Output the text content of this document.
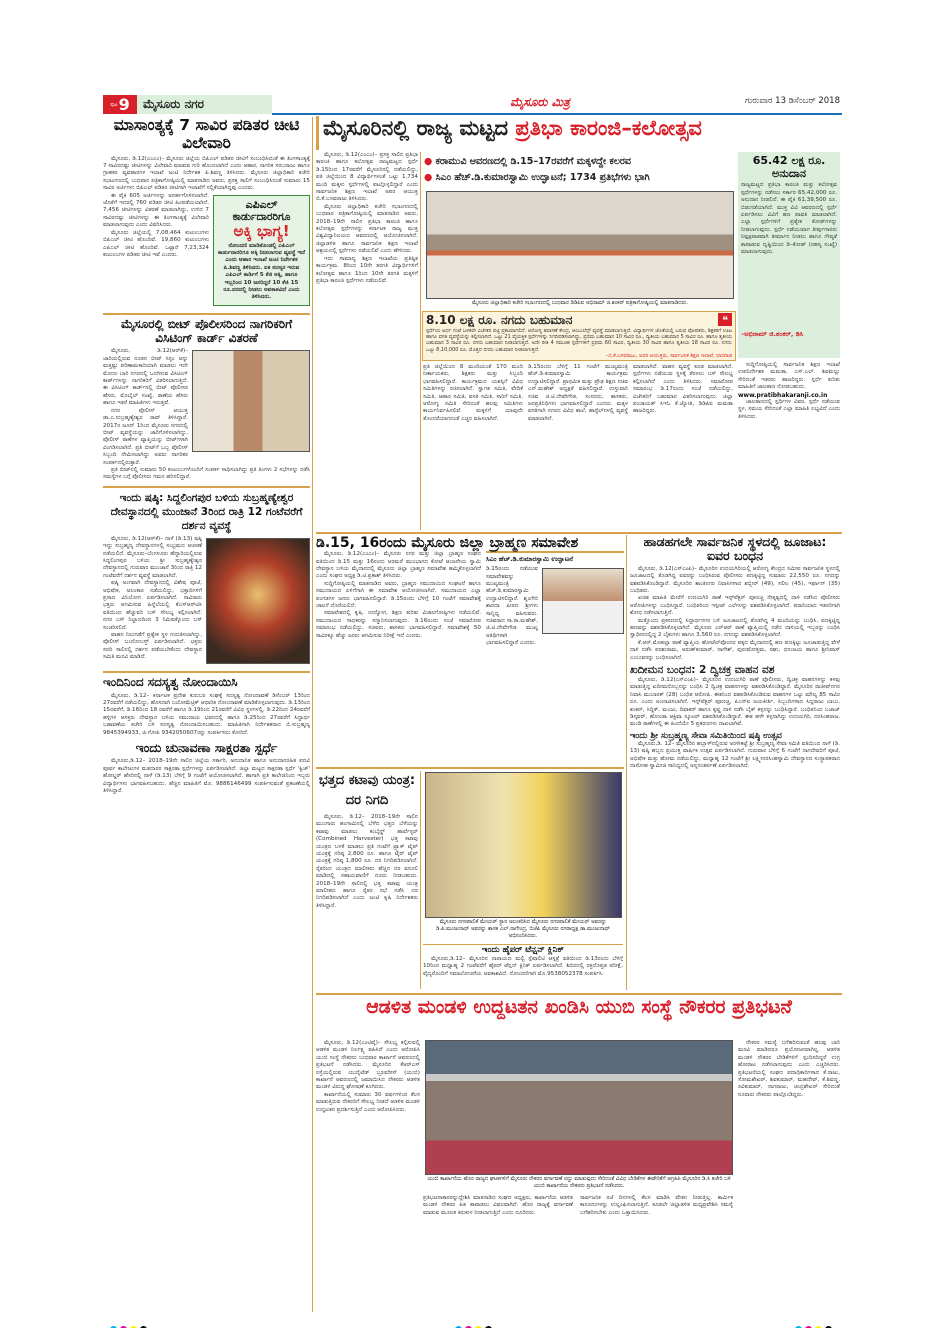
ಪುಟ 9	ಮೈಸೂರು ನಗರ	ಮೈಸೂರು ಮಿತ್ರ	ಗುರುವಾರ 13 ಡಿಸೆಂಬರ್ 2018
ಮಾಸಾಂತ್ಯಕ್ಕೆ 7 ಸಾವಿರ ಪಡಿತರ ಚೀಟಿ ವಿಲೇವಾರಿ

ಮೈಸೂರು, ಡಿ.12(ಎಂಎಂ)– ಮೈಸೂರು ಜಿಲ್ಲೆಯ ಬಿಪಿಎಲ್ ಪಡಿತರ ಚೀಟಿಗೆ ಸಂಬಂಧಿಸಿದಂತೆ ಈ ತಿಂಗಳಾಂತ್ಯಕ್ಕೆ 7 ಸಾವಿರದಷ್ಟು ಚೀಟಿಗಳನ್ನು ವಿಲೇವಾರಿ ಮಾಡುವ ಗುರಿ ಹೊಂದಲಾಗಿದೆ ಎಂದು ಆಹಾರ, ನಾಗರಿಕ ಸರಬರಾಜು ಹಾಗೂ ಗ್ರಾಹಕರ ವ್ಯವಹಾರಗಳ ಇಲಾಖೆ ಜಂಟಿ ನಿರ್ದೇಶಕ ಪಿ.ಶಿವಣ್ಣ ತಿಳಿಸಿದರು. ಮೈಸೂರು ಜಿಲ್ಲಾಧಿಕಾರಿ ಕಚೇರಿ ಸಭಾಂಗಣದಲ್ಲಿ ಬುಧವಾರ ಪತ್ರಿಕಾಗೋಷ್ಠಿಯಲ್ಲಿ ಮಾತನಾಡಿದ ಅವರು, ಪ್ರಸಕ್ತ ಸಾಲಿಗೆ ಸಂಬಂಧಿಸಿದಂತೆ ಸುಮಾರು 15 ಸಾವಿರ ಅರ್ಜಿಗಳು ಬಿಪಿಎಲ್ ಪಡಿತರ ಚೀಟಿಗಾಗಿ ಇಲಾಖೆಗೆ ಸಲ್ಲಿಕೆಯಾಗಿದ್ದವು ಎಂದರು.

ಎಪಿಎಲ್
ಕಾರ್ಡುದಾರರಿಗೂ
ಅಕ್ಕಿ ಭಾಗ್ಯ!
ನೋಂದಣಿ ಮಾಡಿಕೊಂಡಲ್ಲಿ ಎಪಿಎಲ್ ಕಾರ್ಡುದಾರರಿಗೂ ಅಕ್ಕಿ ನೀಡಲಾಗುವ ವ್ಯವಸ್ಥೆ ಇದೆ ಎಂದು ಆಹಾರ ಇಲಾಖೆ ಜಂಟಿ ನಿರ್ದೇಶಕ ಪಿ.ಶಿವಣ್ಣ ತಿಳಿಸಿದರು. ಏಕ ಸದಸ್ಯರ ಇರುವ ಎಪಿಎಲ್ ಕಾರ್ಡಿಗೆ 5 ಕೆಜಿ ಅಕ್ಕಿ, ಹಾಗೂ ಇಬ್ಬರಿಂದ 10 ಜನರಿದ್ದರೆ 10 ಕೆಜಿ 15 ರೂ.ದರದಲ್ಲಿ ನೀಡಲು ಅವಕಾಶವಿದೆ ಎಂದು ತಿಳಿಸಿದರು.

ಈ ಪೈಕಿ 605 ಅರ್ಜಿಗಳನ್ನು ಅನರ್ಹಗೊಳಿಸಲಾಗಿದೆ. ಜೊತೆಗೆ ಇದರಲ್ಲಿ 760 ಪಡಿತರ ಚೀಟಿ ಹಿಂಪಡೆಯಲಾಗಿದೆ. 7,456 ಚೀಟಿಗಳನ್ನು ವಿತರಣೆ ಮಾಡಲಾಗಿದ್ದು, ಉಳಿದ 7 ಸಾವಿರದಷ್ಟು ಚೀಟಿಗಳನ್ನು ಈ ತಿಂಗಳಾಂತ್ಯಕ್ಕೆ ವಿಲೇವಾರಿ ಮಾಡಲಾಗುವುದು ಎಂದು ವಿವರಿಸಿದರು.

ಮೈಸೂರು ಜಿಲ್ಲೆಯಲ್ಲಿ 7,08,464 ಕುಟುಂಬಗಳು ಬಿಪಿಎಲ್ ಚೀಟಿ ಹೊಂದಿವೆ. 19,860 ಕುಟುಂಬಗಳು ಎಪಿಎಲ್ ಚೀಟಿ ಹೊಂದಿವೆ. ಒಟ್ಟಾರೆ 7,23,324 ಕುಟುಂಬಗಳ ಪಡಿತರ ಚೀಟಿ ಇವೆ ಎಂದರು.

ಮೈಸೂರಲ್ಲಿ ಬೀಟ್ ಪೊಲೀಸರಿಂದ ನಾಗರಿಕರಿಗೆ ವಿಸಿಟಿಂಗ್ ಕಾರ್ಡ್ ವಿತರಣೆ

ಮೈಸೂರು, ಡಿ.12(ಆರ್‌ಕೆ)– ಜಾರಿಯಲ್ಲಿರುವ ನೂತನ ಬೀಟ್ ಸಿಸ್ಟಂ ಅನ್ನು ಮತ್ತಷ್ಟು ಪರಿಣಾಮಕಾರಿಯಾಗಿ ಮಾಡಲು ಇದೇ ಮೊದಲ ಬಾರಿ ನಗರದಲ್ಲಿ ಒದಗಿಸುವ ವಿಸಿಟಿಂಗ್ ಕಾರ್ಡ್‌ಗಳನ್ನು ನಾಗರಿಕರಿಗೆ ವಿತರಿಸಲಾಗುತ್ತಿದೆ. ಈ ವಿಸಿಟಿಂಗ್ ಕಾರ್ಡ್‌ನಲ್ಲಿ ಬೀಟ್ ಪೊಲೀಸರ ಹೆಸರು, ಮೊಬೈಲ್ ಸಂಖ್ಯೆ, ಠಾಣೆಯ ಹೆಸರು ಹಾಗೂ ಇತರೆ ಮಾಹಿತಿಗಳು ಇರುತ್ತವೆ.

ನಗರ ಪೊಲೀಸ್ ಆಯುಕ್ತ ಡಾ.ಎ.ಸುಬ್ರಹ್ಮಣ್ಯೇಶ್ವರ ರಾವ್ ತಿಳಿಸಿದ್ದಾರೆ. 2017ರ ಜೂನ್ 1ರಿಂದ ಮೈಸೂರು ನಗರದಲ್ಲಿ ಬೀಟ್ ವ್ಯವಸ್ಥೆಯನ್ನು ಜಾರಿಗೊಳಿಸಲಾಗಿದ್ದು, ಪೊಲೀಸ್ ಠಾಣೆಗಳ ವ್ಯಾಪ್ತಿಯನ್ನು ಬೀಟ್‌ಗಳಾಗಿ ವಿಂಗಡಿಸಲಾಗಿದೆ. ಪ್ರತಿ ಬೀಟ್‌ಗೆ ಒಬ್ಬ ಪೊಲೀಸ್ ಸಿಬ್ಬಂದಿ ನೇಮಿಸಲಾಗಿದ್ದು ಅವರು ನಾಗರಿಕರ ಸಂಪರ್ಕದಲ್ಲಿರುತ್ತಾರೆ.

ಪ್ರತಿ ಬೀಟ್‌ನಲ್ಲಿ ಸುಮಾರು 50 ಕುಟುಂಬಗಳೊಂದಿಗೆ ಸಂಪರ್ಕ ಸಾಧಿಸಲಾಗಿದ್ದು ಪ್ರತಿ ತಿಂಗಳು 2 ಸಭೆಗಳನ್ನು ನಡೆಸಿ ಸಮಸ್ಯೆಗಳ ಬಗ್ಗೆ ಪೊಲೀಸರು ಗಮನ ಹರಿಸಲಿದ್ದಾರೆ.

ಇಂದು ಷಷ್ಠಿ: ಸಿದ್ದಲಿಂಗಪುರ ಬಳಿಯ ಸುಬ್ರಹ್ಮಣ್ಯೇಶ್ವರ ದೇವಸ್ಥಾನದಲ್ಲಿ ಮುಂಜಾನೆ 3ರಿಂದ ರಾತ್ರಿ 12 ಗಂಟೆವರೆಗೆ ದರ್ಶನ ವ್ಯವಸ್ಥೆ

ಮೈಸೂರು, ಡಿ.12(ಆರ್‌ಕೆ)– ನಾಳೆ (ಡಿ.13) ಷಷ್ಠಿ ಇದ್ದು ಸುಬ್ರಹ್ಮಣ್ಯ ದೇವಸ್ಥಾನಗಳಲ್ಲಿ ಸಂಭ್ರಮದ ಆಚರಣೆ ನಡೆಯಲಿದೆ. ಮೈಸೂರು–ಬೆಂಗಳೂರು ಹೆದ್ದಾರಿಯಲ್ಲಿರುವ ಸಿದ್ದಲಿಂಗಪುರ ಬಳಿಯ ಶ್ರೀ ಸುಬ್ರಹ್ಮಣ್ಯೇಶ್ವರ ದೇವಸ್ಥಾನದಲ್ಲಿ ಗುರುವಾರ ಮುಂಜಾನೆ 3ರಿಂದ ರಾತ್ರಿ 12 ಗಂಟೆವರೆಗೆ ದರ್ಶನ ವ್ಯವಸ್ಥೆ ಮಾಡಲಾಗಿದೆ.

ಷಷ್ಠಿ ಅಂಗವಾಗಿ ದೇವಸ್ಥಾನದಲ್ಲಿ ವಿಶೇಷ ಪೂಜೆ, ಅಭಿಷೇಕ, ಅಲಂಕಾರ ನಡೆಯಲಿದ್ದು, ಭಕ್ತಾದಿಗಳಿಗೆ ಪ್ರಸಾದ ವಿನಿಯೋಗ ಏರ್ಪಡಿಸಲಾಗಿದೆ. ಸಾವಿರಾರು ಭಕ್ತರು ಆಗಮಿಸುವ ಹಿನ್ನೆಲೆಯಲ್ಲಿ ಕೆಎಸ್‌ಆರ್‌ಟಿಸಿ ವತಿಯಿಂದ ಹೆಚ್ಚುವರಿ ಬಸ್ ಸೌಲಭ್ಯ ಕಲ್ಪಿಸಲಾಗಿದೆ. ನಗರ ಬಸ್ ನಿಲ್ದಾಣದಿಂದ 3 ನಿಮಿಷಕ್ಕೊಂದು ಬಸ್ ಸಂಚರಿಸಲಿದೆ.

ವಾಹನ ನಿಲುಗಡೆಗೆ ಪ್ರತ್ಯೇಕ ಸ್ಥಳ ಗುರುತಿಸಲಾಗಿದ್ದು, ಪೊಲೀಸ್ ಬಂದೋಬಸ್ತ್ ಏರ್ಪಡಿಸಲಾಗಿದೆ. ಭಕ್ತರು ಸರದಿ ಸಾಲಿನಲ್ಲಿ ದರ್ಶನ ಪಡೆಯಬೇಕೆಂದು ದೇವಸ್ಥಾನ ಸಮಿತಿ ಮನವಿ ಮಾಡಿದೆ.

ಇಂದಿನಿಂದ ಸದಸ್ಯತ್ವ ನೋಂದಾಯಿಸಿ

ಮೈಸೂರು, ಡಿ.12– ಕರ್ನಾಟಕ ಪ್ರದೇಶ ಕುರುಬರ ಸಂಘಕ್ಕೆ ಸದಸ್ಯತ್ವ ನೋಂದಾವಣೆ ಡಿಸೆಂಬರ್ 13ರಿಂದ 27ರವರೆಗೆ ನಡೆಯಲಿದ್ದು, ಹೊಸದಾಗಿ ಬಯೋಮೆಟ್ರಿಕ್ ಆಧಾರಿತ ನೋಂದಾವಣೆ ಮಾಡಿಕೊಳ್ಳಲಾಗುವುದು. ಡಿ.13ರಿಂದ 15ರವರೆಗೆ, ಡಿ.16ರಿಂದ 18 ರವರೆಗೆ ಹಾಗೂ ಡಿ.19ರಿಂದ 21ರವರೆಗೆ ವಿವಿಧ ಸ್ಥಳಗಳಲ್ಲಿ, ಡಿ.22ರಿಂದ 24ರವರೆಗೆ ಹಳ್ಳಿಗಳ ಆಸಕ್ತರು ದೇವಸ್ಥಾನ ಬಳಿಯ ಸಮುದಾಯ ಭವನದಲ್ಲಿ ಹಾಗೂ ಡಿ.25ರಿಂದ 27ರವರೆಗೆ ಸಿದ್ದಾರ್ಥ ಬಡಾವಣೆಯ ಕಚೇರಿ ಬಳಿ ಸದಸ್ಯತ್ವ ನೋಂದಾಯಿಸಬಹುದು. ಮಾಹಿತಿಗಾಗಿ ನಿರ್ದೇಶಕರಾದ ಬಿ.ಸುಬ್ರಹ್ಮಣ್ಯ 9845394933, ಜಿ.ಗೋಪಿ 9342050607ರನ್ನು ಸಂಪರ್ಕಿಸಲು ಕೋರಿದೆ.

ಇಂದು ಚುನಾವಣಾ ಸಾಕ್ಷರತಾ ಸ್ಪರ್ಧೆ

ಮೈಸೂರು,ಡಿ.12– 2018–19ನೇ ಸಾಲಿನ ಜಿಲ್ಲೆಯ ಸರ್ಕಾರಿ, ಅನುದಾನಿತ ಹಾಗೂ ಅನುದಾನರಹಿತ ಪದವಿ ಪೂರ್ವ ಕಾಲೇಜುಗಳ ಮತದಾರರ ಸಾಕ್ಷರತಾ ಸ್ಪರ್ಧೆಗಳನ್ನು ಏರ್ಪಡಿಸಲಾಗಿದೆ. ಜಿಲ್ಲಾ ಮಟ್ಟದ ಸಾಕ್ಷರತಾ ಸ್ಪರ್ಧೆ 'ಕ್ವಿಜ್' ಹೋಲ್ಡರ್ ಹೆಸರಿನಲ್ಲಿ ನಾಳೆ (ಡಿ.13) ಬೆಳಿಗ್ಗೆ 9 ಗಂಟೆಗೆ ಆಯೋಜಿಸಲಾಗಿದೆ. ಹಾಗಾಗಿ ಪ್ರತಿ ಕಾಲೇಜಿನಿಂದ ಇಬ್ಬರು ವಿದ್ಯಾರ್ಥಿಗಳು ಭಾಗವಹಿಸಬಹುದು. ಹೆಚ್ಚಿನ ಮಾಹಿತಿಗೆ ಮೊ. 9886146499 ಸಂಪರ್ಕಿಸುವಂತೆ ಪ್ರಕಟಣೆಯಲ್ಲಿ ತಿಳಿಸಿದ್ದಾರೆ.

ಮೈಸೂರಿನಲ್ಲಿ ರಾಜ್ಯ ಮಟ್ಟದ ಪ್ರತಿಭಾ ಕಾರಂಜಿ–ಕಲೋತ್ಸವ

ಮೈಸೂರು, ಡಿ.12(ಎಂಎಂ)– ಪ್ರಸಕ್ತ ಸಾಲಿನ ಪ್ರತಿಭಾ ಕಾರಂಜಿ ಹಾಗೂ ಕಲೋತ್ಸವ ರಾಜ್ಯಮಟ್ಟದ ಸ್ಪರ್ಧೆ ಡಿ.15ರಿಂದ 17ರವರೆಗೆ ಮೈಸೂರಿನಲ್ಲಿ ನಡೆಯಲಿದ್ದು, ಪತಿ ಜಿಲ್ಲೆಯಿಂದ 8 ವಿದ್ಯಾರ್ಥಿಗಳಂತೆ ಒಟ್ಟು 1,734 ಮಂದಿ ಮಕ್ಕಳು ಸ್ಪರ್ಧೆಗಳಲ್ಲಿ ಪಾಲ್ಗೊಳ್ಳಲಿದ್ದಾರೆ ಎಂದು ಸಾರ್ವಜನಿಕ ಶಿಕ್ಷಣ ಇಲಾಖೆ ಅಪರ ಆಯುಕ್ತ ಬಿ.ಕೆ.ಬಸವರಾಜು ತಿಳಿಸಿದರು.

ಮೈಸೂರು ಜಿಲ್ಲಾಧಿಕಾರಿ ಕಚೇರಿ ಸಭಾಂಗಣದಲ್ಲಿ ಬುಧವಾರ ಪತ್ರಿಕಾಗೋಷ್ಠಿಯಲ್ಲಿ ಮಾತನಾಡಿದ ಅವರು, 2018–19ನೇ ಸಾಲಿನ ಪ್ರತಿಭಾ ಕಾರಂಜಿ ಹಾಗೂ ಕಲೋತ್ಸವ ಸ್ಪರ್ಧೆಗಳನ್ನು ಕರ್ನಾಟಕ ರಾಜ್ಯ ಮುಕ್ತ ವಿಶ್ವವಿದ್ಯಾನಿಲಯದ ಆವರಣದಲ್ಲಿ ಆಯೋಜಿಸಲಾಗಿದೆ. ಜಿಲ್ಲಾಡಳಿತ ಹಾಗೂ ಸಾರ್ವಜನಿಕ ಶಿಕ್ಷಣ ಇಲಾಖೆ ಆಶ್ರಯದಲ್ಲಿ ಸ್ಪರ್ಧೆಗಳು ನಡೆಯಲಿವೆ ಎಂದು ಹೇಳಿದರು.

ಇದು ಸಾಮಾನ್ಯ ಶಿಕ್ಷಣ ಇಲಾಖೆಯ ಪ್ರತಿಷ್ಠಿತ ಕಾರ್ಯಕ್ರಮ. 8ರಿಂದ 10ನೇ ತರಗತಿ ವಿದ್ಯಾರ್ಥಿಗಳಿಗೆ ಕಲೋತ್ಸವ ಹಾಗೂ 1ರಿಂದ 10ನೇ ತರಗತಿ ಮಕ್ಕಳಿಗೆ ಪ್ರತಿಭಾ ಕಾರಂಜಿ ಸ್ಪರ್ಧೆಗಳು ನಡೆಯಲಿವೆ.

● ಕರಾಮುವಿ ಆವರಣದಲ್ಲಿ ಡಿ.15–17ರವರೆಗೆ ಮಕ್ಕಳದ್ದೇ ಕಲರವ
● ಸಿಎಂ ಹೆಚ್.ಡಿ.ಕುಮಾರಸ್ವಾಮಿ ಉದ್ಘಾಟನೆ; 1734 ಪ್ರತಿಭೆಗಳು ಭಾಗಿ
ಮೈಸೂರು ಜಿಲ್ಲಾಧಿಕಾರಿ ಕಚೇರಿ ಸಭಾಂಗಣದಲ್ಲಿ ಬುಧವಾರ ಡಿಡಿಪಿಐ ಅಭಿರಾಮ್ ಜಿ.ಶಂಕರ್ ಪತ್ರಿಕಾಗೋಷ್ಠಿಯಲ್ಲಿ ಮಾತನಾಡಿದರು.
8.10 ಲಕ್ಷ ರೂ. ನಗದು ಬಹುಮಾನ	❝
ಸ್ಪರ್ಧೆಯ ಅರ್ಧ ಗಂಟೆ ಬಳಿಕವೇ ವಿಜೇತರ ಪಟ್ಟಿ ಪ್ರಕಟವಾಗಲಿದೆ. ಆರೋಗ್ಯ ತಪಾಸಣೆ ಕೇಂದ್ರ, ಆಂಬುಲೆನ್ಸ್ ವ್ಯವಸ್ಥೆ ಮಾಡಲಾಗುತ್ತಿದೆ. ವಿದ್ಯಾರ್ಥಿಗಳ ಜೊತೆಯಲ್ಲಿ ಬರುವ ಪೋಷಕರು, ಶಿಕ್ಷಕರಿಗೆ ಊಟ ಹಾಗೂ ವಸತಿ ವ್ಯವಸ್ಥೆಯನ್ನು ಕಲ್ಪಿಸಲಾಗಿದೆ. ಒಟ್ಟು 21 ವೈಯಕ್ತಿಕ ಸ್ಪರ್ಧೆಗಳನ್ನು ನಿಗದಿಪಡಿಸಲಾಗಿದ್ದು, ಪ್ರಥಮ ಬಹುಮಾನ 10 ಸಾವಿರ ರೂ., ದ್ವಿತೀಯ ಬಹುಮಾನ 5 ಸಾವಿರ ರೂ. ಹಾಗೂ ತೃತೀಯ ಬಹುಮಾನ 3 ಸಾವಿರ ರೂ. ನಗದು ಬಹುಮಾನ ನೀಡಲಾಗುತ್ತದೆ. ಅದೇ ರೀತಿ 4 ಸಮೂಹ ಸ್ಪರ್ಧೆಗಳಿಗೆ ಪ್ರಥಮ 60 ಸಾವಿರ, ದ್ವಿತೀಯ 30 ಸಾವಿರ ಹಾಗೂ ತೃತೀಯ 18 ಸಾವಿರ ರೂ. ನಗದು ಒಟ್ಟು 8,10,000 ರೂ. ಮೊತ್ತದ ನಗದು ಬಹುಮಾನ ನೀಡಲಾಗುತ್ತದೆ.
–ಬಿ.ಕೆ.ಬಸವರಾಜು, ಅಪರ ಆಯುಕ್ತರು, ಸಾರ್ವಜನಿಕ ಶಿಕ್ಷಣ ಇಲಾಖೆ, ಧಾರವಾಡ
ಪ್ರತಿ ಜಿಲ್ಲೆಯಿಂದ 8 ಮಂದಿಯಂತೆ 170 ಮಂದಿ ನಿರ್ಣಾಯಕರು, ಶಿಕ್ಷಕರು ಮತ್ತು ಸಿಬ್ಬಂದಿ ಭಾಗವಹಿಸಲಿದ್ದಾರೆ. ಕಾರ್ಯಕ್ರಮದ ಯಶಸ್ಸಿಗೆ ವಿವಿಧ ಸಮಿತಿಗಳನ್ನು ರಚಿಸಲಾಗಿದೆ. ಸ್ವಾಗತ ಸಮಿತಿ, ವೇದಿಕೆ ಸಮಿತಿ, ಆಹಾರ ಸಮಿತಿ, ವಸತಿ ಸಮಿತಿ, ಸಾರಿಗೆ ಸಮಿತಿ, ಆರೋಗ್ಯ ಸಮಿತಿ ಸೇರಿದಂತೆ ಹಲವು ಸಮಿತಿಗಳು ಕಾರ್ಯನಿರ್ವಹಿಸಲಿವೆ. ಮಕ್ಕಳಿಗೆ ಯಾವುದೇ ತೊಂದರೆಯಾಗದಂತೆ ಎಚ್ಚರ ವಹಿಸಲಾಗಿದೆ.
ಡಿ.15ರಂದು ಬೆಳಿಗ್ಗೆ 11 ಗಂಟೆಗೆ ಮುಖ್ಯಮಂತ್ರಿ ಹೆಚ್.ಡಿ.ಕುಮಾರಸ್ವಾಮಿ ಕಾರ್ಯಕ್ರಮ ಉದ್ಘಾಟಿಸಲಿದ್ದಾರೆ. ಪ್ರಾಥಮಿಕ ಮತ್ತು ಪ್ರೌಢ ಶಿಕ್ಷಣ ಸಚಿವ ಎನ್.ಮಹೇಶ್ ಅಧ್ಯಕ್ಷತೆ ವಹಿಸಲಿದ್ದಾರೆ. ಉಸ್ತುವಾರಿ ಸಚಿವ ಜಿ.ಟಿ.ದೇವೇಗೌಡ, ಸಂಸದರು, ಶಾಸಕರು, ಜನಪ್ರತಿನಿಧಿಗಳು ಭಾಗವಹಿಸಲಿದ್ದಾರೆ ಎಂದರು. ಮಕ್ಕಳ ವಸತಿಗಾಗಿ ನಗರದ ವಿವಿಧ ಶಾಲೆ, ಹಾಸ್ಟೆಲ್‌ಗಳಲ್ಲಿ ವ್ಯವಸ್ಥೆ ಮಾಡಲಾಗಿದೆ.
ಮಾಡಲಾಗಿದೆ. ವಾಹನ ವ್ಯವಸ್ಥೆ ಕೂಡ ಮಾಡಲಾಗಿದೆ. ಸ್ಪರ್ಧೆಗಳು ನಡೆಯುವ ಸ್ಥಳಕ್ಕೆ ತೆರಳಲು ಬಸ್ ಸೌಲಭ್ಯ ಕಲ್ಪಿಸಲಾಗಿದೆ ಎಂದು ತಿಳಿಸಿದರು. ಸಮಾರೋಪ ಸಮಾರಂಭ ಡಿ.17ರಂದು ಸಂಜೆ ನಡೆಯಲಿದ್ದು, ವಿಜೇತರಿಗೆ ಬಹುಮಾನ ವಿತರಿಸಲಾಗುವುದು. ಜಿಲ್ಲಾ ಪಂಚಾಯತ್ ಸಿಇಓ ಕೆ.ಜ್ಯೋತಿ, ಡಿಡಿಪಿಐ ಮಮತಾ ಹಾಜರಿದ್ದರು.
65.42 ಲಕ್ಷ ರೂ. ಅನುದಾನ
ರಾಜ್ಯಮಟ್ಟದ ಪ್ರತಿಭಾ ಕಾರಂಜಿ ಮತ್ತು ಕಲೋತ್ಸವ ಸ್ಪರ್ಧೆಗಳನ್ನು ನಡೆಸಲು ಸರ್ಕಾರ 65,42,000 ರೂ. ಅನುದಾನ ನೀಡಲಿದೆ. ಈ ಪೈಕಿ 61,39,500 ರೂ. ಬಿಡುಗಡೆಯಾಗಿದೆ. ಮುಕ್ತ ವಿವಿ ಆವರಣದಲ್ಲಿ ಸ್ಪರ್ಧೆ ಏರ್ಪಡಿಸಲು ವಿವಿಗೆ ಹಣ ಪಾವತಿ ಮಾಡಲಾಗಿದೆ. ಎಲ್ಲಾ ಸ್ಪರ್ಧೆಗಳಿಗೆ ಪ್ರತ್ಯೇಕ ಕೋಡ್‌ಗಳನ್ನು ನೀಡಲಾಗುವುದು. ಸ್ಪರ್ಧೆ ನಡೆಯುವಾಗ ತೀರ್ಪುಗಾರರು ನಿಷ್ಪಕ್ಷಪಾತವಾಗಿ ತೀರ್ಮಾನ ನೀಡಲು ಹಾಗೂ ಗೌಪ್ಯತೆ ಕಾಪಾಡುವ ದೃಷ್ಟಿಯಿಂದ ಡಿ–ಕೋಡ್ (ರಹಸ್ಯ ಸಂಖ್ಯೆ) ಮಾಡಲಾಗುವುದು.
–ಅಭಿರಾಮ್ ಜಿ.ಶಂಕರ್, ಡಿಸಿ

ಸುದ್ದಿಗೋಷ್ಠಿಯಲ್ಲಿ ಸಾರ್ವಜನಿಕ ಶಿಕ್ಷಣ ಇಲಾಖೆ ಉಪನಿರ್ದೇಶಕ ಮಮತಾ, ಎಸ್.ಎಲ್. ಶಿವಮಲ್ಲು ಸೇರಿದಂತೆ ಇತರರು ಹಾಜರಿದ್ದರು. ಸ್ಪರ್ಧೆ ಕುರಿತು ಮಾಹಿತಿಗೆ ಜಾಲತಾಣ ನೋಡಬಹುದು.

www.pratibhakaranji.co.in

ಜಾಲತಾಣದಲ್ಲಿ ಸ್ಪರ್ಧಿಗಳ ವಿವರ, ಸ್ಪರ್ಧೆ ನಡೆಯುವ ಸ್ಥಳ, ಸಮಯ ಸೇರಿದಂತೆ ಎಲ್ಲಾ ಮಾಹಿತಿ ಲಭ್ಯವಿದೆ ಎಂದು ತಿಳಿಸಿದರು.

ಡಿ.15, 16ರಂದು ಮೈಸೂರು ಜಿಲ್ಲಾ ಬ್ರಾಹ್ಮಣ ಸಮಾವೇಶ

ಮೈಸೂರು, ಡಿ.12(ಎಂಎಂ)– ಮೈಸೂರು ನಗರ ಮತ್ತು ಜಿಲ್ಲಾ ಬ್ರಾಹ್ಮಣ ಸಂಘದ ವತಿಯಿಂದ ಡಿ.15 ಮತ್ತು 16ರಂದು ಅರಮನೆ ಮುಂಭಾಗದ ಕೋಟೆ ಆಂಜನೇಯ ಸ್ವಾಮಿ ದೇವಸ್ಥಾನ ಬಳಿಯ ಮೈದಾನದಲ್ಲಿ ಮೈಸೂರು ಜಿಲ್ಲಾ ಬ್ರಾಹ್ಮಣ ಸಮಾವೇಶ ಹಮ್ಮಿಕೊಳ್ಳಲಾಗಿದೆ ಎಂದು ಸಂಘದ ಅಧ್ಯಕ್ಷ ಡಿ.ಟಿ.ಪ್ರಕಾಶ್ ತಿಳಿಸಿದರು.

ಸುದ್ದಿಗೋಷ್ಠಿಯಲ್ಲಿ ಮಾತನಾಡಿದ ಅವರು, ಬ್ರಾಹ್ಮಣ ಸಮುದಾಯದ ಸಂಘಟನೆ ಹಾಗೂ ಸಮುದಾಯದ ಏಳಿಗೆಗಾಗಿ ಈ ಸಮಾವೇಶ ಆಯೋಜಿಸಲಾಗಿದೆ. ಸಮುದಾಯದ ಎಲ್ಲಾ ಪಂಗಡಗಳ ಜನರು ಭಾಗವಹಿಸಲಿದ್ದಾರೆ. ಡಿ.15ರಂದು ಬೆಳಿಗ್ಗೆ 10 ಗಂಟೆಗೆ ಸಮಾವೇಶಕ್ಕೆ ಚಾಲನೆ ದೊರೆಯಲಿದೆ.

ಸಮಾವೇಶದಲ್ಲಿ ಕೃಷಿ, ಉದ್ಯೋಗ, ಶಿಕ್ಷಣ ಕುರಿತು ವಿಚಾರಗೋಷ್ಠಿಗಳು ನಡೆಯಲಿವೆ. ಸಮುದಾಯದ ಸಾಧಕರನ್ನು ಸನ್ಮಾನಿಸಲಾಗುವುದು. ಡಿ.16ರಂದು ಸಂಜೆ ಸಮಾರೋಪ ಸಮಾರಂಭ ನಡೆಯಲಿದ್ದು, ಸಚಿವರು, ಶಾಸಕರು ಭಾಗವಹಿಸಲಿದ್ದಾರೆ. ಸಮಾವೇಶಕ್ಕೆ 50 ಸಾವಿರಕ್ಕೂ ಹೆಚ್ಚು ಜನರು ಆಗಮಿಸುವ ನಿರೀಕ್ಷೆ ಇದೆ ಎಂದರು.

ಸಿಎಂ ಹೆಚ್.ಡಿ.ಕುಮಾರಸ್ವಾಮಿ ಉದ್ಘಾಟನೆ
ಡಿ.15ರಂದು ನಡೆಯುವ ಸಮಾವೇಶವನ್ನು ಮುಖ್ಯಮಂತ್ರಿ ಹೆಚ್.ಡಿ.ಕುಮಾರಸ್ವಾಮಿ ಉದ್ಘಾಟಿಸಲಿದ್ದಾರೆ. ಶೃಂಗೇರಿ ಶಾರದಾ ಪೀಠದ ಶ್ರೀಗಳು ಸಾನ್ನಿಧ್ಯ ವಹಿಸುವರು. ಸಚಿವರಾದ ಸಾ.ರಾ.ಮಹೇಶ್, ಜಿ.ಟಿ.ದೇವೇಗೌಡ ಮುಖ್ಯ ಅತಿಥಿಗಳಾಗಿ ಭಾಗವಹಿಸಲಿದ್ದಾರೆ ಎಂದರು.
ಹಾಡಹಗಲೇ ಸಾರ್ವಜನಿಕ ಸ್ಥಳದಲ್ಲಿ ಜೂಜಾಟ: ಐವರ ಬಂಧನ

ಮೈಸೂರು, ಡಿ.12(ಎಸ್‌ಎಂಪಿ)– ಮೈಸೂರಿನ ಉದಯಗಿರಿಯಲ್ಲಿ ಆರೋಗ್ಯ ಕೇಂದ್ರದ ಸಮೀಪ ಸಾರ್ವಜನಿಕ ಸ್ಥಳದಲ್ಲಿ ಜೂಜಾಟದಲ್ಲಿ ತೊಡಗಿದ್ದ ಐವರನ್ನು ಬಂಧಿಸಿರುವ ಪೊಲೀಸರು ಪಣಕ್ಕಿಟ್ಟಿದ್ದ ಸುಮಾರು 22,550 ರೂ. ನಗದನ್ನು ವಶಪಡಿಸಿಕೊಂಡಿದ್ದಾರೆ. ಮೈಸೂರಿನ ಶಾಂತಿನಗರ ನಿವಾಸಿಗಳಾದ ಶಬ್ಬೀರ್ (49), ಸಲೀಂ (45), ಇರ್ಫಾನ್ (35) ಬಂಧಿತರು.

ಖಚಿತ ಮಾಹಿತಿ ಮೇರೆಗೆ ಉದಯಗಿರಿ ಠಾಣೆ ಇನ್ಸ್‌ಪೆಕ್ಟರ್ ಪೂಣಚ್ಚ ನೇತೃತ್ವದಲ್ಲಿ ದಾಳಿ ನಡೆಸಿದ ಪೊಲೀಸರು ಆರೋಪಿಗಳನ್ನು ಬಂಧಿಸಿದ್ದಾರೆ. ಬಂಧಿತರಿಂದ ಇಸ್ಪೀಟ್ ಎಲೆಗಳನ್ನು ವಶಪಡಿಸಿಕೊಳ್ಳಲಾಗಿದೆ. ಪರಾರಿಯಾದ ಇತರರಿಗಾಗಿ ಶೋಧ ನಡೆಸಲಾಗುತ್ತಿದೆ.

ಮತ್ತೊಂದು ಪ್ರಕರಣದಲ್ಲಿ ಸಿದ್ದಾರ್ಥನಗರ ಬಳಿ ಜೂಜಾಟದಲ್ಲಿ ತೊಡಗಿದ್ದ 4 ಮಂದಿಯನ್ನು ಬಂಧಿಸಿ, ಪಣಕ್ಕಿಟ್ಟಿದ್ದ ಹಣವನ್ನು ವಶಪಡಿಸಿಕೊಳ್ಳಲಾಗಿದೆ. ಮೈಸೂರು ಎನ್‌ಆರ್ ಠಾಣೆ ವ್ಯಾಪ್ತಿಯಲ್ಲಿ ನಡೆದ ದಾಳಿಯಲ್ಲಿ ಇಬ್ಬರನ್ನು ಬಂಧಿಸಿ ಸ್ವಾಧೀನದಲ್ಲಿದ್ದ 2 ಬೈಕುಗಳು ಹಾಗೂ 3,560 ರೂ. ನಗದನ್ನು ವಶಪಡಿಸಿಕೊಳ್ಳಲಾಗಿದೆ.

ಕೆ.ಆರ್.ಮೊಹಲ್ಲಾ ಠಾಣೆ ವ್ಯಾಪ್ತಿಯ ಹೋಟೆಲ್‌ವೊಂದರ ಪಕ್ಕದ ಮೈದಾನದಲ್ಲಿ ಹಣ ಪಣಕ್ಕಿಟ್ಟು ಜೂಜಾಡುತ್ತಿದ್ದ ವೇಳೆ ದಾಳಿ ನಡೆಸಿ ಪರಶುರಾಮ, ಅರುಣ್‌ಕುಮಾರ್, ನಾಗೇಶ್, ಪುರುಷೋತ್ತಮ, ರಘು, ಧನಂಜಯ ಹಾಗೂ ಶ್ರೀನಿವಾಸ್ ಎಂಬುವರನ್ನು ಬಂಧಿಸಲಾಗಿದೆ.

ಖದೀಮನ ಬಂಧನ: 2 ದ್ವಿಚಕ್ರ ವಾಹನ ವಶ
ಮೈಸೂರು, ಡಿ.12(ಎಸ್‌ಎಂಪಿ)– ಮೈಸೂರಿನ ಉದಯಗಿರಿ ಠಾಣೆ ಪೊಲೀಸರು, ದ್ವಿಚಕ್ರ ವಾಹನಗಳನ್ನು ಕಳವು ಮಾಡುತ್ತಿದ್ದ ಖದೀಮನೊಬ್ಬನನ್ನು ಬಂಧಿಸಿ 2 ದ್ವಿಚಕ್ರ ವಾಹನಗಳನ್ನು ವಶಪಡಿಸಿಕೊಂಡಿದ್ದಾರೆ. ಮೈಸೂರಿನ ರಾಜೀವ್‌ನಗರ ನಿವಾಸಿ ಮುಬಾರಕ್ (28) ಬಂಧಿತ ಆರೋಪಿ. ಈತನಿಂದ ವಶಪಡಿಸಿಕೊಂಡಿರುವ ವಾಹನಗಳ ಒಟ್ಟು ಮೌಲ್ಯ 85 ಸಾವಿರ ರೂ. ಎಂದು ಅಂದಾಜಿಸಲಾಗಿದೆ. ಇನ್ಸ್‌ಪೆಕ್ಟರ್ ಪೂಣಚ್ಚ, ಪಿಎಸ್‌ಐ ಜಯಕೀರ್ತಿ, ಸಿಬ್ಬಂದಿಗಳಾದ ಸಿದ್ದರಾಜು ಬಾಬು, ಶಂಕರ್, ಸಿದ್ದಿಕ್, ಮಂಜು, ದಿವಾಕರ್ ಹಾಗೂ ಕೃಷ್ಣ ದಾಳಿ ನಡೆಸಿ ಬೈಕ್ ಕಳ್ಳನನ್ನು ಬಂಧಿಸಿದ್ದಾರೆ. ಬಂಧಿತನಿಂದ ಬಜಾಜ್ ಡಿಸ್ಕವರ್, ಹೋಂಡಾ ಆಕ್ಟಿವಾ ಸ್ಕೂಟರ್ ವಶಪಡಿಸಿಕೊಂಡಿದ್ದಾರೆ. ಈತ ಹಳೇ ಕಳ್ಳನಾಗಿದ್ದು ಉದಯಗಿರಿ, ನರಸಿಂಹರಾಜ, ಮಂಡಿ ಠಾಣೆಗಳಲ್ಲಿ ಈ ಹಿಂದೆಯೇ 5 ಪ್ರಕರಣಗಳು ದಾಖಲಾಗಿವೆ.
ಇಂದು ಶ್ರೀ ಸುಬ್ರಹ್ಮಣ್ಯ ಸೇವಾ ಸಮಿತಿಯಿಂದ ಷಷ್ಠಿ ಉತ್ಸವ
ಮೈಸೂರು,ಡಿ. 12– ಮೈಸೂರಿನ ಹಬ್ಬಾಳ್‌ನಲ್ಲಿರುವ ಅರಳೀಕಟ್ಟೆ ಶ್ರೀ ಸುಬ್ರಹ್ಮಣ್ಯ ಸೇವಾ ಸಮಿತಿ ವತಿಯಿಂದ ನಾಳೆ (ಡಿ. 13) ಷಷ್ಠಿ ಹಬ್ಬದ ಪ್ರಯುಕ್ತ ವಾರ್ಷಿಕ ಉತ್ಸವ ಏರ್ಪಡಿಸಲಾಗಿದೆ. ಗುರುವಾರ ಬೆಳಿಗ್ಗೆ 6 ಗಂಟೆಗೆ ನಾಗದೇವರಿಗೆ ಪೂಜೆ, ಅಭಿಷೇಕ ಮತ್ತು ಹೋಮ ನಡೆಯಲಿದ್ದು, ಮಧ್ಯಾಹ್ನ 12 ಗಂಟೆಗೆ ಶ್ರೀ ಲಕ್ಷ್ಮೀನರಸಿಂಹಸ್ವಾಮಿ ದೇವಸ್ಥಾನದ ಸಂಸ್ಥಾಪಕರಾದ ದಾಸೋಹ ಸ್ವಾಮೀಜಿ ಸಾನಿಧ್ಯದಲ್ಲಿ ಅನ್ನಸಂತರ್ಪಣೆ ಏರ್ಪಡಿಸಲಾಗಿದೆ.
ಭತ್ತದ ಕಟಾವು ಯಂತ್ರ: ದರ ನಿಗದಿ
ಮೈಸೂರು, ಡಿ.12– 2018–19ನೇ ಸಾಲಿನ ಮುಂಗಾರು ಹಂಗಾಮಿನಲ್ಲಿ ಬೆಳೆದ ಭತ್ತದ ಬೆಳೆಯನ್ನು ಕಟಾವು ಮಾಡಲು ಕಂಬೈನ್ಡ್ ಹಾರ್ವೆಸ್ಟರ್ (Combined Harvester) ಭತ್ತ ಕಟಾವು ಯಂತ್ರದ ಬಳಕೆ ಮಾಡಲು ಪ್ರತಿ ಗಂಟೆಗೆ ಟ್ರ್ಯಾಕ್ ಟೈಪ್ ಯಂತ್ರಕ್ಕೆ ಗರಿಷ್ಠ 2,800 ರೂ. ಹಾಗೂ ಟೈರ್ ಟೈಪ್ ಯಂತ್ರಕ್ಕೆ ಗರಿಷ್ಠ 1,800 ರೂ. ದರ ನಿಗದಿಪಡಿಸಲಾಗಿದೆ. ರೈತರಿಂದ ಯಂತ್ರದ ಮಾಲೀಕರು ಹೆಚ್ಚಿನ ದರ ವಸೂಲಿ ಮಾಡಿದಲ್ಲಿ ಸಹಾಯವಾಣಿಗೆ ದೂರು ನೀಡಬಹುದು. 2018–19ನೇ ಸಾಲಿನಲ್ಲಿ ಭತ್ತ ಕಟಾವು ಯಂತ್ರ ಮಾಲೀಕರು ಹಾಗೂ ರೈತರ ಸಭೆ ನಡೆಸಿ ದರ ನಿಗದಿಪಡಿಸಲಾಗಿದೆ ಎಂದು ಜಂಟಿ ಕೃಷಿ ನಿರ್ದೇಶಕರು ತಿಳಿಸಿದ್ದಾರೆ.
ಮೈಸೂರು ನಗರಪಾಲಿಕೆ ಮೇಯರ್ ಸ್ಥಾನ ಅಲಂಕರಿಸಿದ ಮೈಸೂರು ನಗರಪಾಲಿಕೆ ಮೇಯರ್ ಅವರನ್ನು ಡಿ.ಪಿ.ಮಂಜುನಾಥ್ ಅವರನ್ನು ಶಾಸಕ ಎಲ್.ನಾಗೇಂದ್ರ, ಬಿಜೆಪಿ ಮೈಸೂರು ನಗರಾಧ್ಯಕ್ಷ ಡಾ.ಮಂಜುನಾಥ್ ಅಭಿನಂದಿಸಿದರು.
ಇಂದು ಹೈಪರ್ ಟೆನ್ಷನ್ ಕ್ಲಿನಿಕ್
ಮೈಸೂರು,ಡಿ.12– ಮೈಸೂರಿನ ನಾರಾಯಣ ಮಲ್ಟಿ ಸ್ಪೆಷಾಲಿಟಿ ಆಸ್ಪತ್ರೆ ವತಿಯಿಂದ ಡಿ.13ರಂದು ಬೆಳಿಗ್ಗೆ 10ರಿಂದ ಮಧ್ಯಾಹ್ನ 2 ಗಂಟೆವರೆಗೆ ಹೈಪರ್ ಟೆನ್ಷನ್ ಕ್ಲಿನಿಕ್ ಏರ್ಪಡಿಸಲಾಗಿದೆ. ಶಿಬಿರದಲ್ಲಿ ರಕ್ತದೊತ್ತಡ ಪರೀಕ್ಷೆ, ವೈದ್ಯರೊಂದಿಗೆ ಸಮಾಲೋಚನೆಯ ಅವಕಾಶವಿದೆ. ನೋಂದಣಿಗಾಗಿ ಮೊ.9538052378 ಸಂಪರ್ಕಿಸಿ.
ಆಡಳಿತ ಮಂಡಳಿ ಉದ್ದಟತನ ಖಂಡಿಸಿ ಯುಬಿ ಸಂಸ್ಥೆ ನೌಕರರ ಪ್ರತಿಭಟನೆ

ಮೈಸೂರು, ಡಿ.12(ಎಂಟಿವೈ)– ಸೌಲಭ್ಯ ಕಲ್ಪಿಸುವಲ್ಲಿ ಆಡಳಿತ ಮಂಡಳಿ ನಿರ್ಲಕ್ಷ್ಯ ವಹಿಸಿದೆ ಎಂದು ಆರೋಪಿಸಿ ಯುಬಿ ಸಂಸ್ಥೆ ನೌಕರರು ಬುಧವಾರ ಕಾರ್ಖಾನೆ ಆವರಣದಲ್ಲಿ ಪ್ರತಿಭಟನೆ ನಡೆಸಿದರು. ಮೈಸೂರಿನ ಕೆಆರ್‌ಎಸ್ ರಸ್ತೆಯಲ್ಲಿರುವ ಯುನೈಟೆಡ್ ಬ್ರೂವರೀಸ್ (ಯುಬಿ) ಕಾರ್ಖಾನೆ ಆವರಣದಲ್ಲಿ ಜಮಾಯಿಸಿದ ನೌಕರರು ಆಡಳಿತ ಮಂಡಳಿ ವಿರುದ್ಧ ಘೋಷಣೆ ಕೂಗಿದರು.

ಕಾರ್ಖಾನೆಯಲ್ಲಿ ಸುಮಾರು 30 ವರ್ಷಗಳಿಂದ ಕೆಲಸ ಮಾಡುತ್ತಿರುವ ನೌಕರರಿಗೆ ಸೌಲಭ್ಯ ನೀಡದೆ ಆಡಳಿತ ಮಂಡಳಿ ಉದ್ದಟತನ ಪ್ರದರ್ಶಿಸುತ್ತಿದೆ ಎಂದು ಆರೋಪಿಸಿದರು.

ಯುಬಿ ಕಾರ್ಖಾನೆಯ ಹೊರ ರಾಜ್ಯದ ಘಟಕಗಳಿಗೆ ಮೈಸೂರು ನೌಕರರ ವರ್ಗಾವಣೆ ರದ್ದು ಮಾಡುವುದು ಸೇರಿದಂತೆ ವಿವಿಧ ಬೇಡಿಕೆಗಳ ಈಡೇರಿಕೆಗೆ ಆಗ್ರಹಿಸಿ ಮೈಸೂರಿನ ಡಿ.ಸಿ ಕಚೇರಿ ಬಳಿ ಯುಬಿ ಕಾರ್ಖಾನೆಯ ನೌಕರರು ಪ್ರತಿಭಟನೆ ನಡೆಸಿದರು.
ಪ್ರತಿಭಟನಾಕಾರರನ್ನುದ್ದೇಶಿಸಿ ಮಾತನಾಡಿದ ಸಂಘದ ಅಧ್ಯಕ್ಷರು, ಕಾರ್ಖಾನೆಯ ಆಡಳಿತ ಮಂಡಳಿ ನೌಕರರ ಹಿತ ಕಾಪಾಡಲು ವಿಫಲವಾಗಿದೆ. ಹೊರ ರಾಜ್ಯಕ್ಕೆ ವರ್ಗಾವಣೆ ಮಾಡುವ ಮೂಲಕ ಕಿರುಕುಳ ನೀಡಲಾಗುತ್ತಿದೆ ಎಂದು ದೂರಿದರು.
ಸಾರ್ವಜನಿಕ ರಜೆ ದಿನಗಳಲ್ಲಿ ಕೆಲಸ ಮಾಡಿಸಿ ವೇತನ ನೀಡುತ್ತಿಲ್ಲ. ಕಾರ್ಮಿಕ ಕಾನೂನುಗಳನ್ನು ಉಲ್ಲಂಘಿಸಲಾಗುತ್ತಿದೆ. ಕೂಡಲೇ ಜಿಲ್ಲಾಡಳಿತ ಮಧ್ಯಪ್ರವೇಶಿಸಿ ಸಮಸ್ಯೆ ಬಗೆಹರಿಸಬೇಕು ಎಂದು ಒತ್ತಾಯಿಸಿದರು.
ನೌಕರರ ಸಮಸ್ಯೆ ಬಗೆಹರಿಸುವಂತೆ ಹಲವು ಬಾರಿ ಮನವಿ ಮಾಡಿದರೂ ಪ್ರಯೋಜನವಾಗಿಲ್ಲ. ಆಡಳಿತ ಮಂಡಳಿ ನೌಕರರ ಬೇಡಿಕೆಗಳಿಗೆ ಸ್ಪಂದಿಸದಿದ್ದರೆ ಉಗ್ರ ಹೋರಾಟ ನಡೆಸಲಾಗುವುದು ಎಂದು ಎಚ್ಚರಿಸಿದರು. ಪ್ರತಿಭಟನೆಯಲ್ಲಿ ಸಂಘದ ಪದಾಧಿಕಾರಿಗಳಾದ ಕೆ.ರಾಜು, ಸೋಮಶೇಖರ್, ಶಿವಕುಮಾರ್, ಮಹದೇವ್, ಕೆ.ಶಿವಣ್ಣ, ರವಿಕುಮಾರ್, ನಾಗರಾಜು, ಚಂದ್ರಶೇಖರ್ ಸೇರಿದಂತೆ ನೂರಾರು ನೌಕರರು ಪಾಲ್ಗೊಂಡಿದ್ದರು.
